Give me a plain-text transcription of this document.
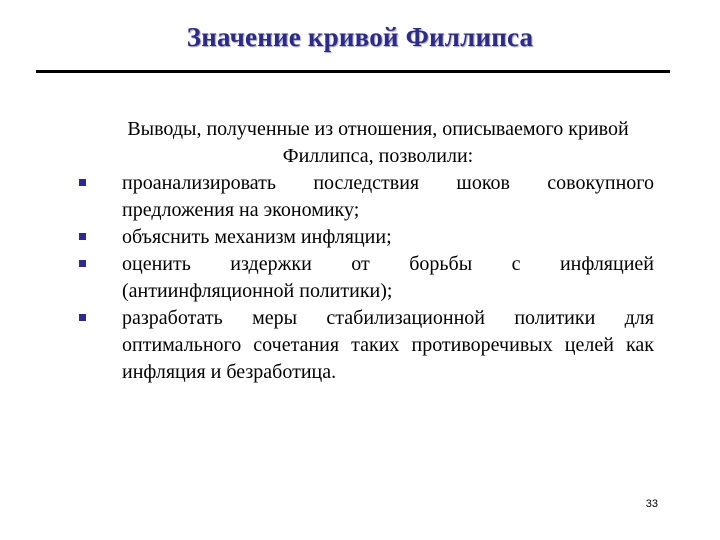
Значение кривой Филлипса
Выводы, полученные из отношения, описываемого кривой Филлипса, позволили:
проанализировать последствия шоков совокупного предложения на экономику;
объяснить механизм инфляции;
оценить издержки от борьбы с инфляцией (антиинфляционной политики);
разработать меры стабилизационной политики для оптимального сочетания таких противоречивых целей как инфляция и безработица.
33
